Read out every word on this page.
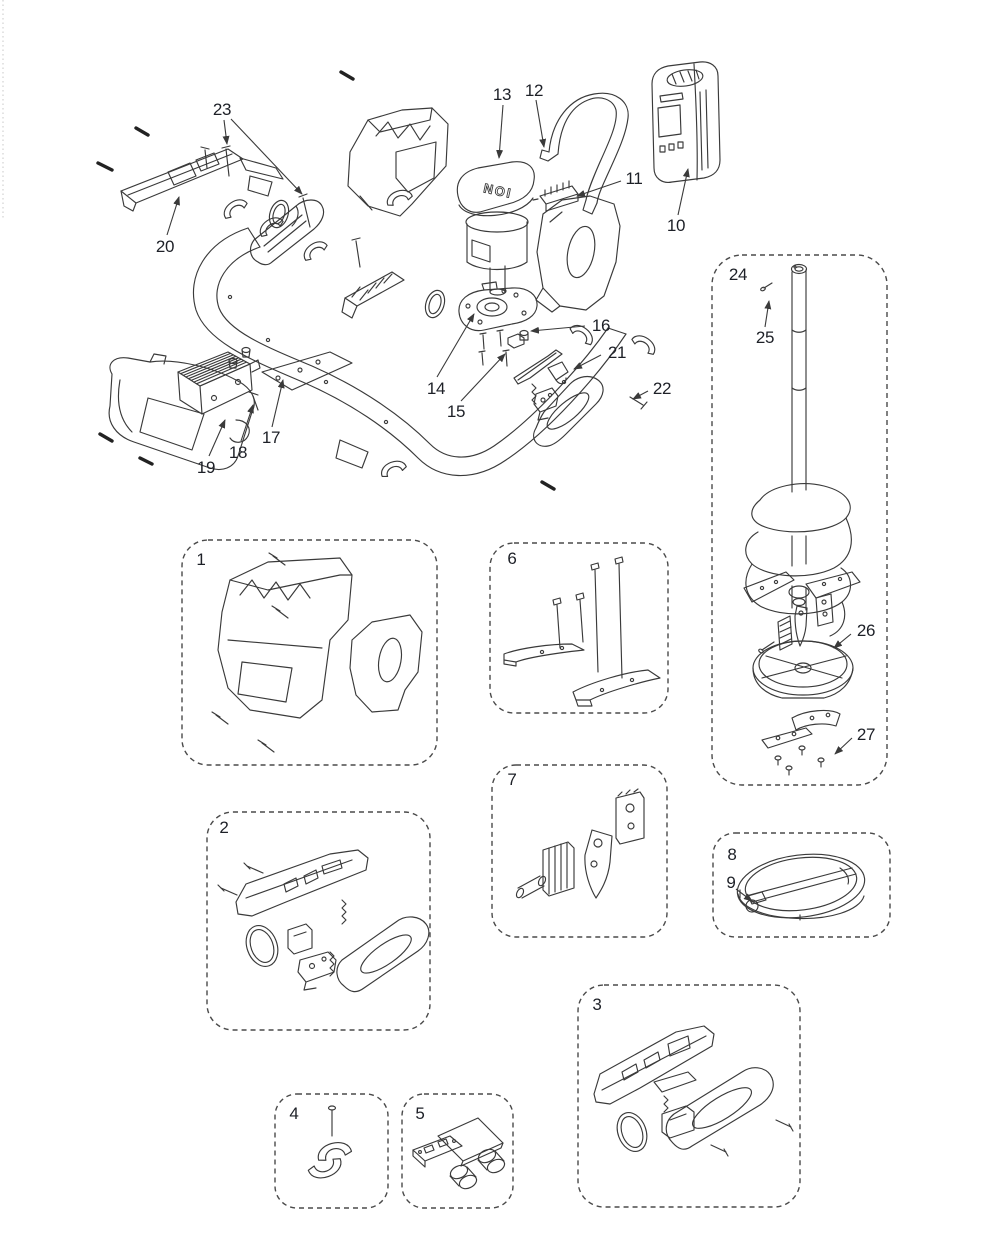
ION
1
2
3
4	5
6
7
8
9
10
11
12
13
14
15
16
17
18
19
20
21
22
23
24
25
26
27
